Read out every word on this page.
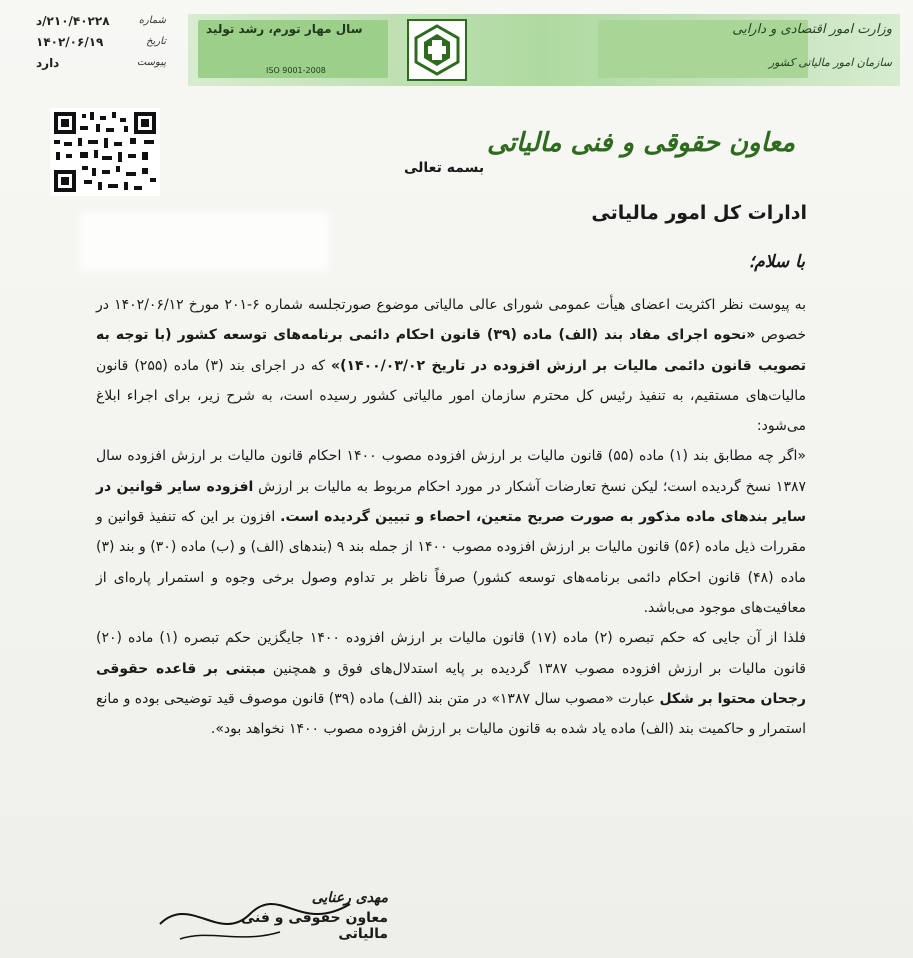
سال مهار تورم، رشد تولید
ISO 9001-2008
وزارت امور اقتصادی و دارایی
سازمان امور مالیاتی کشور
شماره
۲۱۰/۴۰۲۲۸/د
تاریخ
۱۴۰۲/۰۶/۱۹
پیوست
دارد
معاون حقوقی و فنی مالیاتی
بسمه تعالی
ادارات کل امور مالیاتی
با سلام؛

به پیوست نظر اکثریت اعضای هیأت عمومی شورای عالی مالیاتی موضوع صورتجلسه شماره ۶-۲۰۱ مورخ ۱۴۰۲/۰۶/۱۲ در خصوص «نحوه اجرای مفاد بند (الف) ماده (۳۹) قانون احکام دائمی برنامه‌های توسعه کشور (با توجه به تصویب قانون دائمی مالیات بر ارزش افزوده در تاریخ ۱۴۰۰/۰۳/۰۲)» که در اجرای بند (۳) ماده (۲۵۵) قانون مالیات‌های مستقیم، به تنفیذ رئیس کل محترم سازمان امور مالیاتی کشور رسیده است، به شرح زیر، برای اجراء ابلاغ می‌شود:

«اگر چه مطابق بند (۱) ماده (۵۵) قانون مالیات بر ارزش افزوده مصوب ۱۴۰۰ احکام قانون مالیات بر ارزش افزوده سال ۱۳۸۷ نسخ گردیده است؛ لیکن نسخ تعارضات آشکار در مورد احکام مربوط به مالیات بر ارزش افزوده سایر قوانین در سایر بندهای ماده مذکور به صورت صریح متعین، احصاء و تبیین گردیده است. افزون بر این که تنفیذ قوانین و مقررات ذیل ماده (۵۶) قانون مالیات بر ارزش افزوده مصوب ۱۴۰۰ از جمله بند ۹ (بندهای (الف) و (ب) ماده (۳۰) و بند (۳) ماده (۴۸) قانون احکام دائمی برنامه‌های توسعه کشور) صرفاً ناظر بر تداوم وصول برخی وجوه و استمرار پاره‌ای از معافیت‌های موجود می‌باشد.

فلذا از آن جایی که حکم تبصره (۲) ماده (۱۷) قانون مالیات بر ارزش افزوده ۱۴۰۰ جایگزین حکم تبصره (۱) ماده (۲۰) قانون مالیات بر ارزش افزوده مصوب ۱۳۸۷ گردیده بر پایه استدلال‌های فوق و همچنین مبتنی بر قاعده حقوقی رجحان محتوا بر شکل عبارت «مصوب سال ۱۳۸۷» در متن بند (الف) ماده (۳۹) قانون موصوف قید توضیحی بوده و مانع استمرار و حاکمیت بند (الف) ماده یاد شده به قانون مالیات بر ارزش افزوده مصوب ۱۴۰۰ نخواهد بود».

مهدی رعنایی
معاون حقوقی و فنی مالیاتی
